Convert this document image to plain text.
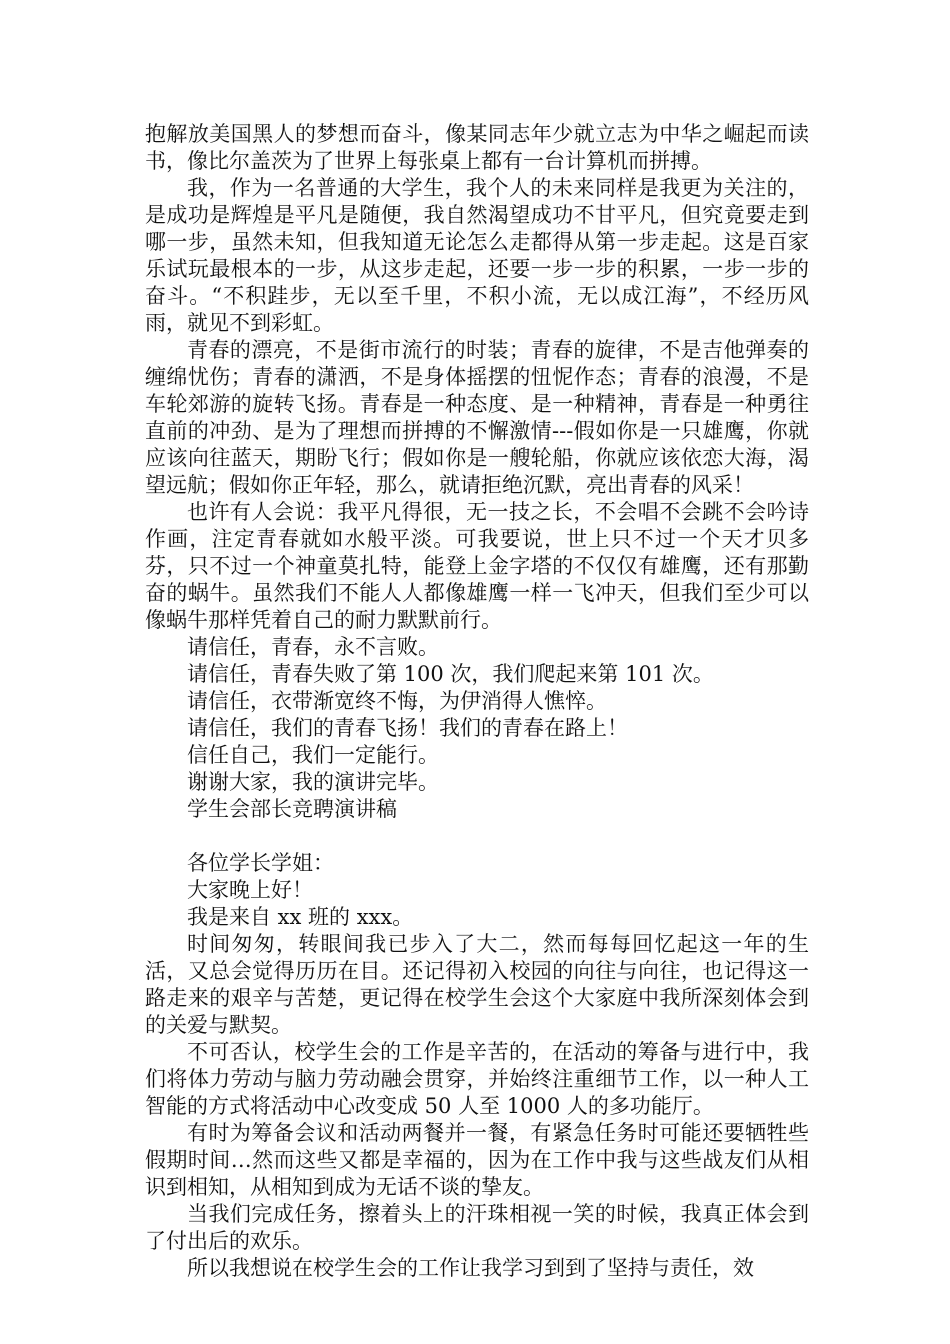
抱解放美国黑人的梦想而奋斗，像某同志年少就立志为中华之崛起而读书，像比尔盖茨为了世界上每张桌上都有一台计算机而拼搏。

我，作为一名普通的大学生，我个人的未来同样是我更为关注的，是成功是辉煌是平凡是随便，我自然渴望成功不甘平凡，但究竟要走到哪一步，虽然未知，但我知道无论怎么走都得从第一步走起。这是百家乐试玩最根本的一步，从这步走起，还要一步一步的积累，一步一步的奋斗。“不积跬步，无以至千里，不积小流，无以成江海”，不经历风雨，就见不到彩虹。

青春的漂亮，不是街市流行的时装；青春的旋律，不是吉他弹奏的缠绵忧伤；青春的潇洒，不是身体摇摆的忸怩作态；青春的浪漫，不是车轮郊游的旋转飞扬。青春是一种态度、是一种精神，青春是一种勇往直前的冲劲、是为了理想而拼搏的不懈激情---假如你是一只雄鹰，你就应该向往蓝天，期盼飞行；假如你是一艘轮船，你就应该依恋大海，渴望远航；假如你正年轻，那么，就请拒绝沉默，亮出青春的风采！

也许有人会说：我平凡得很，无一技之长，不会唱不会跳不会吟诗作画，注定青春就如水般平淡。可我要说，世上只不过一个天才贝多芬，只不过一个神童莫扎特，能登上金字塔的不仅仅有雄鹰，还有那勤奋的蜗牛。虽然我们不能人人都像雄鹰一样一飞冲天，但我们至少可以像蜗牛那样凭着自己的耐力默默前行。

请信任，青春，永不言败。

请信任，青春失败了第 100 次，我们爬起来第 101 次。

请信任，衣带渐宽终不悔，为伊消得人憔悴。

请信任，我们的青春飞扬！我们的青春在路上！

信任自己，我们一定能行。

谢谢大家，我的演讲完毕。

学生会部长竞聘演讲稿

各位学长学姐：

大家晚上好！

我是来自 xx 班的 xxx。

时间匆匆，转眼间我已步入了大二，然而每每回忆起这一年的生活，又总会觉得历历在目。还记得初入校园的向往与向往，也记得这一路走来的艰辛与苦楚，更记得在校学生会这个大家庭中我所深刻体会到的关爱与默契。

不可否认，校学生会的工作是辛苦的，在活动的筹备与进行中，我们将体力劳动与脑力劳动融会贯穿，并始终注重细节工作，以一种人工智能的方式将活动中心改变成 50 人至 1000 人的多功能厅。

有时为筹备会议和活动两餐并一餐，有紧急任务时可能还要牺牲些假期时间…然而这些又都是幸福的，因为在工作中我与这些战友们从相识到相知，从相知到成为无话不谈的挚友。

当我们完成任务，擦着头上的汗珠相视一笑的时候，我真正体会到了付出后的欢乐。

所以我想说在校学生会的工作让我学习到到了坚持与责任，效
